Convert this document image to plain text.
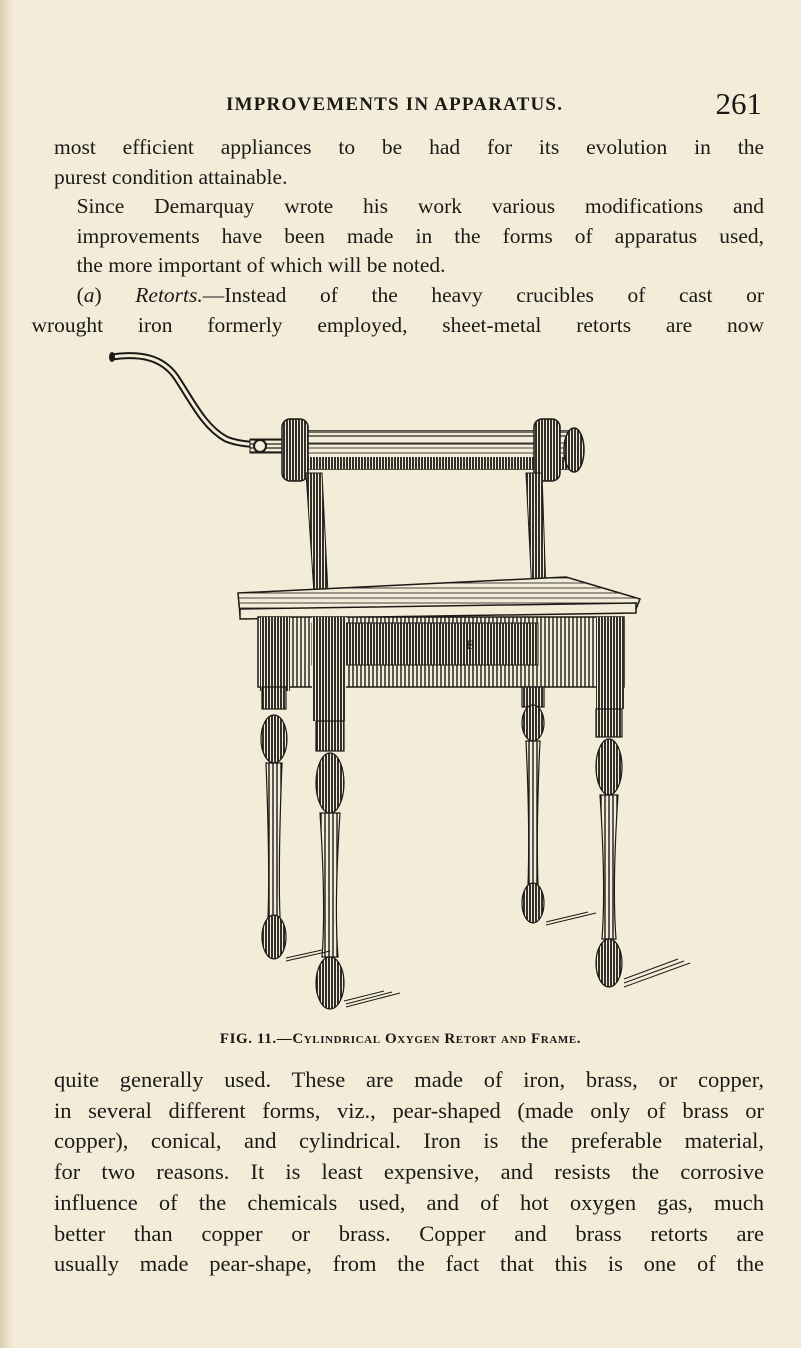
IMPROVEMENTS IN APPARATUS.	261

most efficient appliances to be had for its evolution in the
purest condition attainable.

Since Demarquay wrote his work various modifications and
improvements have been made in the forms of apparatus used,
the more important of which will be noted.

(a) Retorts.—Instead of the heavy crucibles of cast or
wrought iron formerly employed, sheet-metal retorts are now

B
FIG. 11.—Cylindrical Oxygen Retort and Frame.
quite generally used. These are made of iron, brass, or copper,
in several different forms, viz., pear-shaped (made only of brass or
copper), conical, and cylindrical. Iron is the preferable material,
for two reasons. It is least expensive, and resists the corrosive
influence of the chemicals used, and of hot oxygen gas, much
better than copper or brass. Copper and brass retorts are
usually made pear-shape, from the fact that this is one of the
